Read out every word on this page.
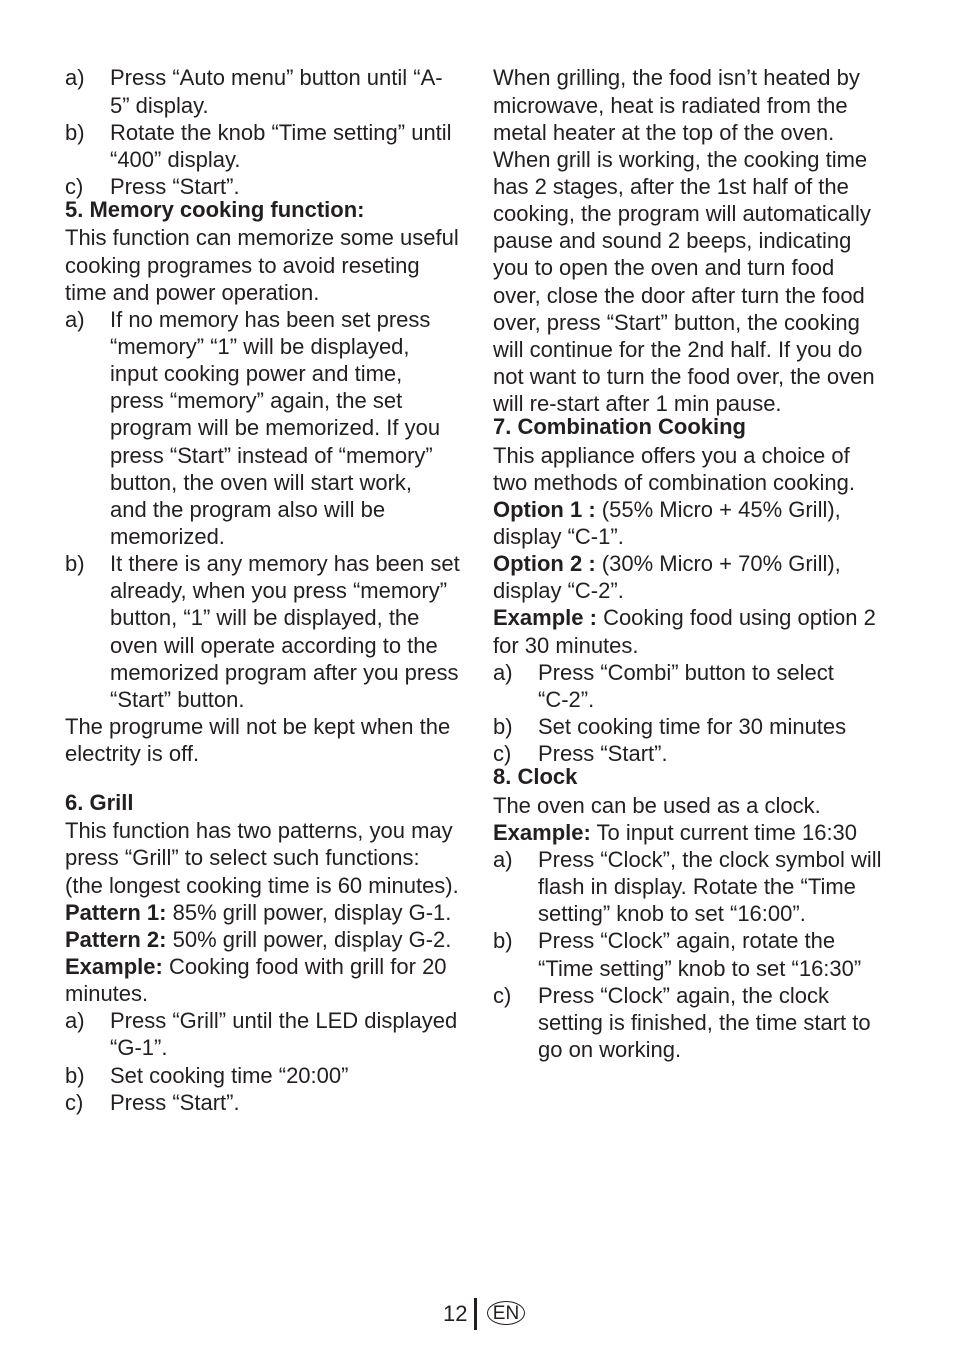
a) Press “Auto menu” button until “A-
5” display.
b) Rotate the knob “Time setting” until
“400” display.
c) Press “Start”.
5. Memory cooking function:
This function can memorize some useful
cooking programes to avoid reseting
time and power operation.
a) If no memory has been set press
“memory” “1” will be displayed,
input cooking power and time,
press “memory” again, the set
program will be memorized. If you
press “Start” instead of “memory”
button, the oven will start work,
and the program also will be
memorized.
b) It there is any memory has been set
already, when you press “memory”
button, “1” will be displayed, the
oven will operate according to the
memorized program after you press
“Start” button.
The progrume will not be kept when the
electrity is off.
6. Grill
This function has two patterns, you may
press “Grill” to select such functions:
(the longest cooking time is 60 minutes).
Pattern 1: 85% grill power, display G-1.
Pattern 2: 50% grill power, display G-2.
Example: Cooking food with grill for 20
minutes.
a) Press “Grill” until the LED displayed
“G-1”.
b) Set cooking time “20:00”
c) Press “Start”.
When grilling, the food isn’t heated by
microwave, heat is radiated from the
metal heater at the top of the oven.
When grill is working, the cooking time
has 2 stages, after the 1st half of the
cooking, the program will automatically
pause and sound 2 beeps, indicating
you to open the oven and turn food
over, close the door after turn the food
over, press “Start” button, the cooking
will continue for the 2nd half. If you do
not want to turn the food over, the oven
will re-start after 1 min pause.
7. Combination Cooking
This appliance offers you a choice of
two methods of combination cooking.
Option 1 : (55% Micro + 45% Grill),
display “C-1”.
Option 2 : (30% Micro + 70% Grill),
display “C-2”.
Example : Cooking food using option 2
for 30 minutes.
a) Press “Combi” button to select
“C-2”.
b) Set cooking time for 30 minutes
c) Press “Start”.
8. Clock
The oven can be used as a clock.
Example: To input current time 16:30
a) Press “Clock”, the clock symbol will
flash in display. Rotate the “Time
setting” knob to set “16:00”.
b) Press “Clock” again, rotate the
“Time setting” knob to set “16:30”
c) Press “Clock” again, the clock
setting is finished, the time start to
go on working.
12	EN
